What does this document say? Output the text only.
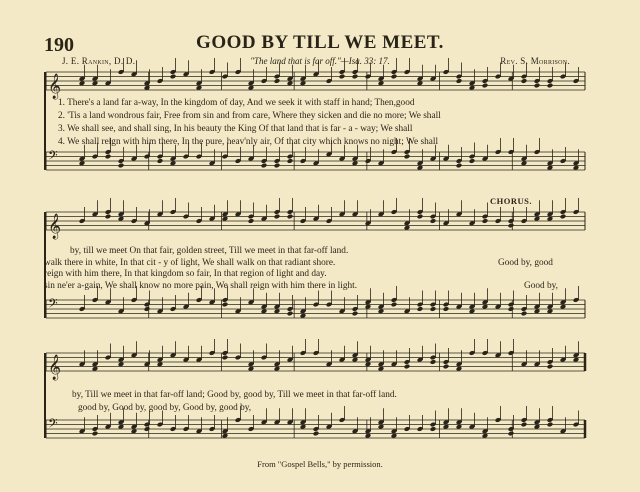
190	GOOD BY TILL WE MEET.
J. E. Rankin, D. D.	"The land that is far off."—Isa. 33: 17.	Rev. S. Morrison.
𝄞
𝄢
𝄞
𝄢
𝄞
𝄢
1. There's a land far a-way, In the kingdom of day, And we seek it with staff in hand; Then,good
2. 'Tis a land wondrous fair, Free from sin and from care, Where they sicken and die no more; We shall
3. We shall see, and shall sing, In his beauty the King Of that land that is far - a - way; We shall
4. We shall reign with him there, In the pure, heav'nly air, Of that city which knows no night; We shall
CHORUS.
by, till we meet On that fair, golden street, Till we meet in that far-off land.
walk there in white, In that cit - y of light, We shall walk on that radiant shore.	Good by, good
reign with him there, In that kingdom so fair, In that region of light and day.
sin ne'er a-gain, We shall know no more pain, We shall reign with him there in light.	Good by,
by, Till we meet in that far-off land; Good by, good by, Till we meet in that far-off land.
good by, Good by, good by, Good by, good by,
From "Gospel Bells," by permission.
